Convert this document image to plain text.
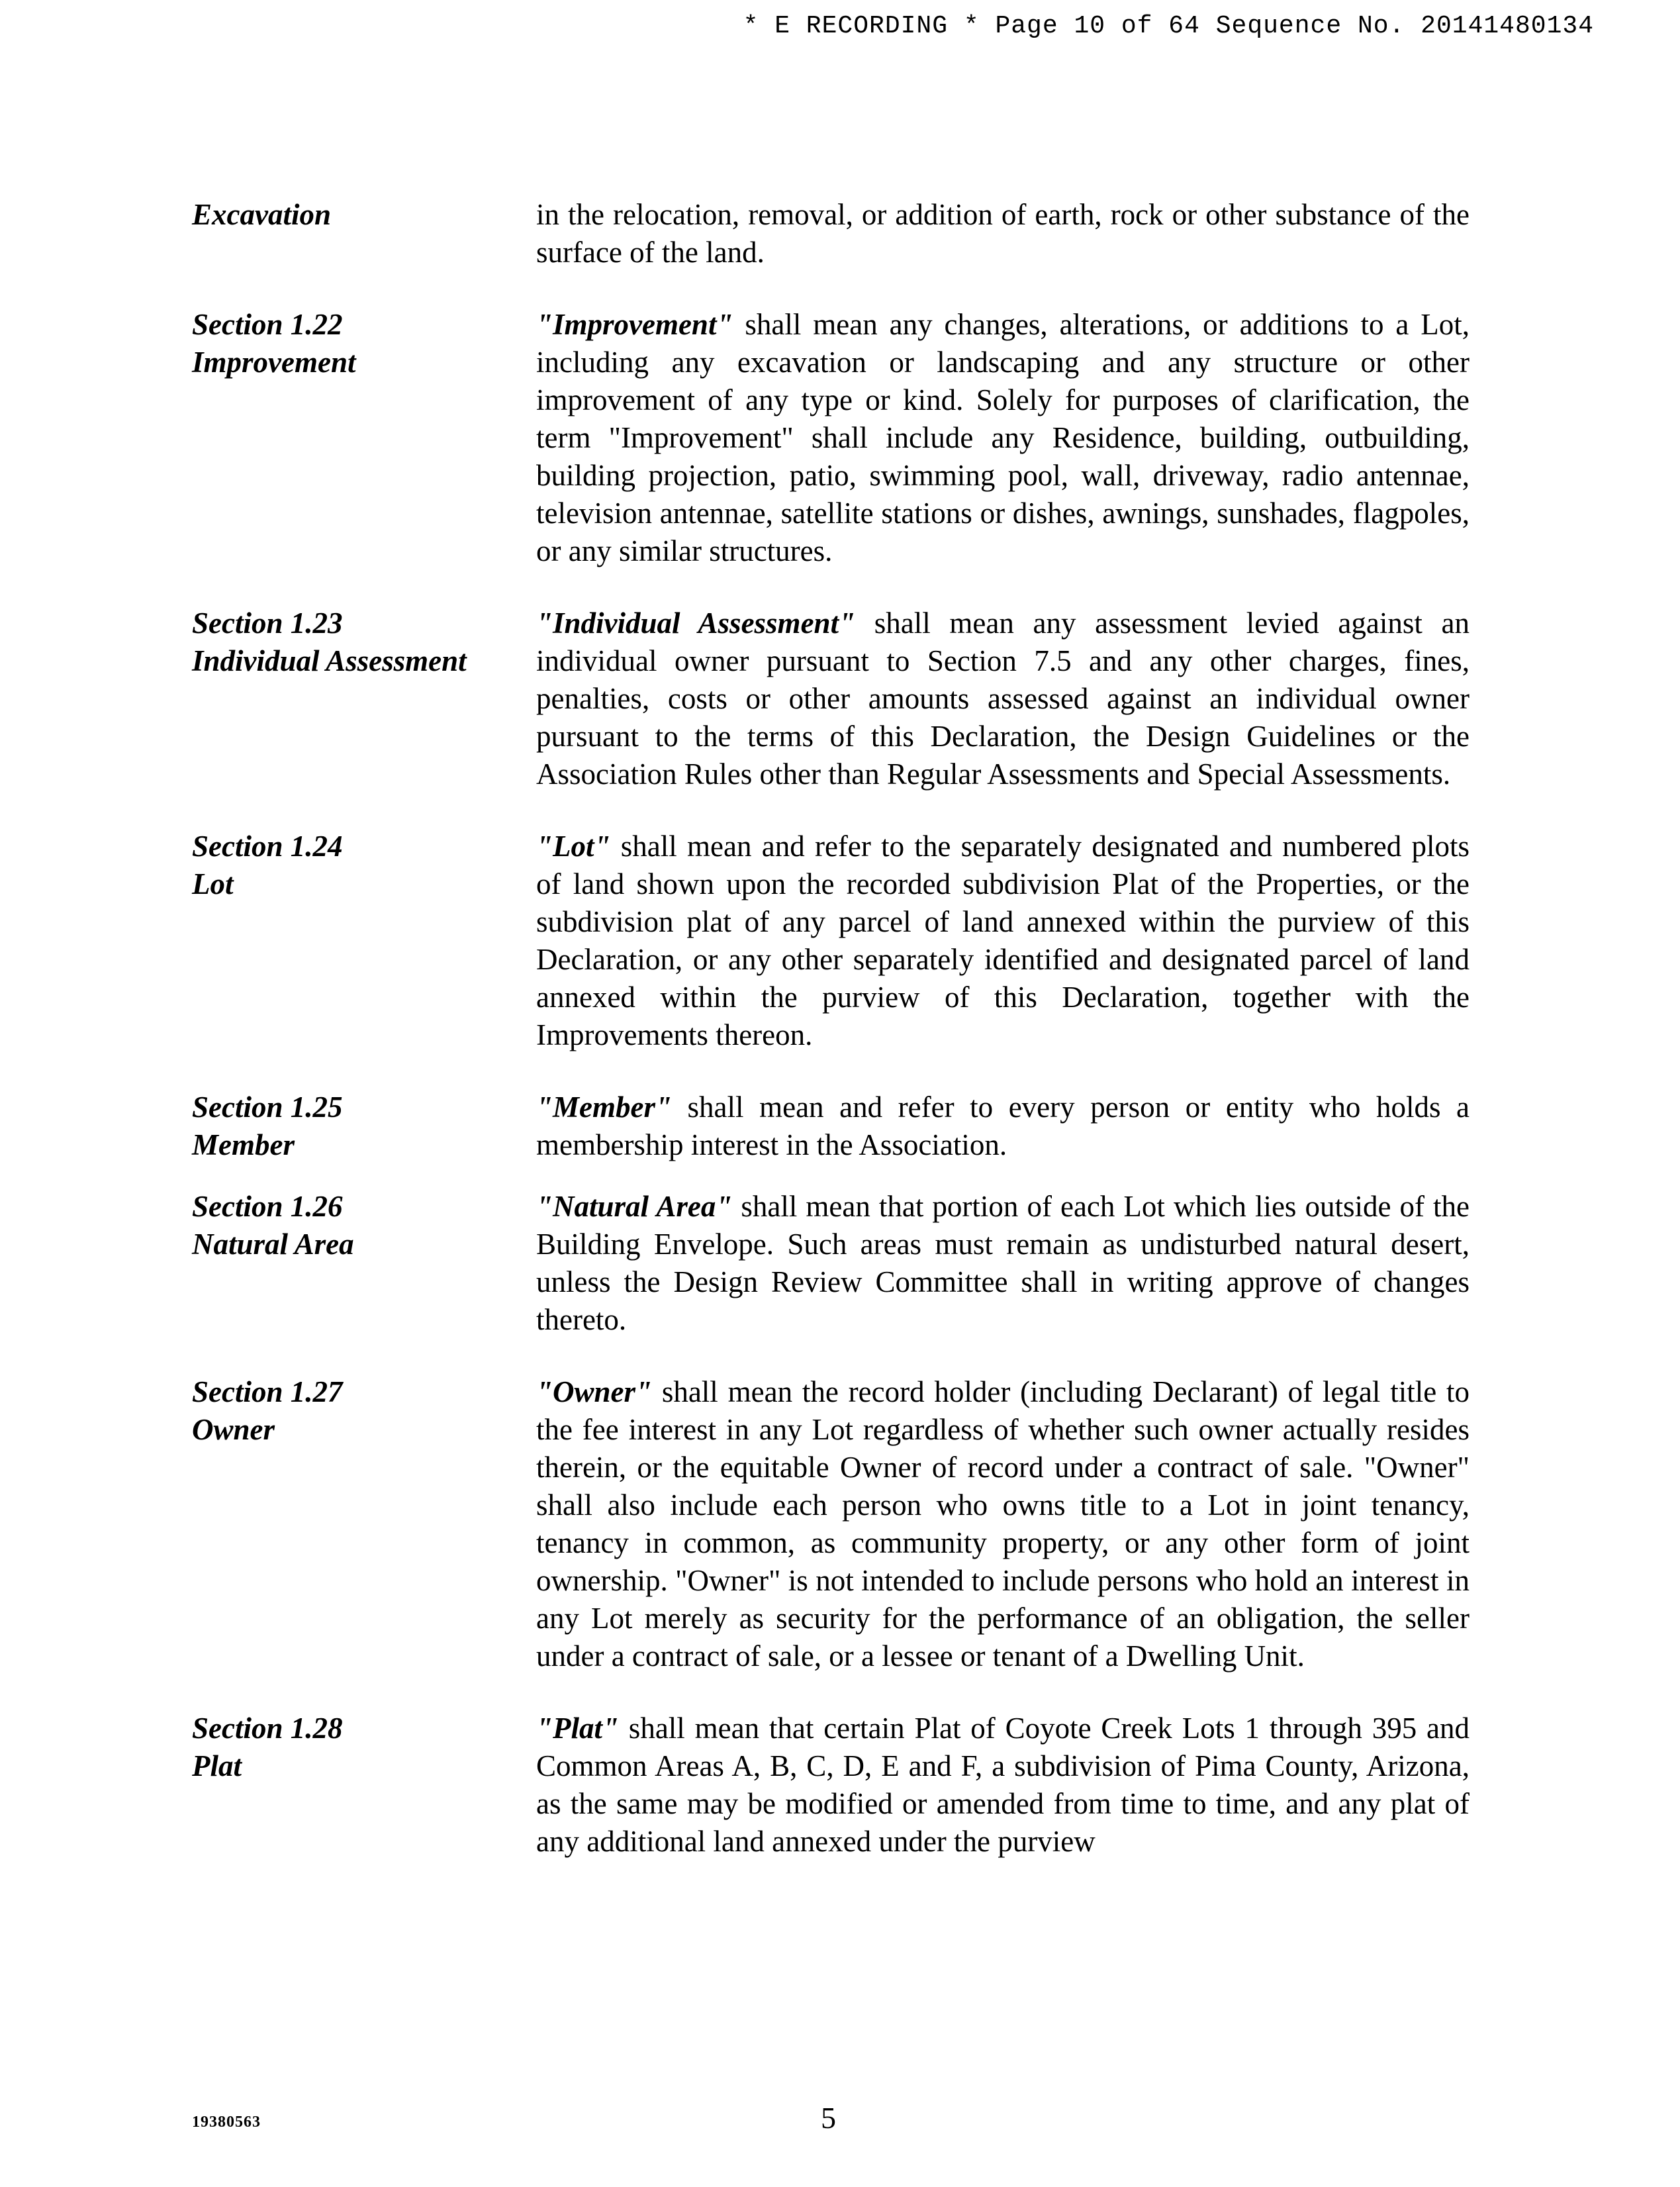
* E RECORDING * Page 10 of 64 Sequence No. 20141480134
Excavation	in the relocation, removal, or addition of earth, rock or other substance of the surface of the land.
Section 1.22
Improvement
"Improvement" shall mean any changes, alterations, or additions to a Lot, including any excavation or landscaping and any structure or other improvement of any type or kind. Solely for purposes of clarification, the term "Improvement" shall include any Residence, building, outbuilding, building projection, patio, swimming pool, wall, driveway, radio antennae, television antennae, satellite stations or dishes, awnings, sunshades, flagpoles, or any similar structures.
Section 1.23
Individual Assessment
"Individual Assessment" shall mean any assessment levied against an individual owner pursuant to Section 7.5 and any other charges, fines, penalties, costs or other amounts assessed against an individual owner pursuant to the terms of this Declaration, the Design Guidelines or the Association Rules other than Regular Assessments and Special Assessments.
Section 1.24
Lot
"Lot" shall mean and refer to the separately designated and numbered plots of land shown upon the recorded subdivision Plat of the Properties, or the subdivision plat of any parcel of land annexed within the purview of this Declaration, or any other separately identified and designated parcel of land annexed within the purview of this Declaration, together with the Improvements thereon.
Section 1.25
Member
"Member" shall mean and refer to every person or entity who holds a membership interest in the Association.
Section 1.26
Natural Area
"Natural Area" shall mean that portion of each Lot which lies outside of the Building Envelope. Such areas must remain as undisturbed natural desert, unless the Design Review Committee shall in writing approve of changes thereto.
Section 1.27
Owner
"Owner" shall mean the record holder (including Declarant) of legal title to the fee interest in any Lot regardless of whether such owner actually resides therein, or the equitable Owner of record under a contract of sale. "Owner" shall also include each person who owns title to a Lot in joint tenancy, tenancy in common, as community property, or any other form of joint ownership. "Owner" is not intended to include persons who hold an interest in any Lot merely as security for the performance of an obligation, the seller under a contract of sale, or a lessee or tenant of a Dwelling Unit.
Section 1.28
Plat
"Plat" shall mean that certain Plat of Coyote Creek Lots 1 through 395 and Common Areas A, B, C, D, E and F, a subdivision of Pima County, Arizona, as the same may be modified or amended from time to time, and any plat of any additional land annexed under the purview
19380563	5
